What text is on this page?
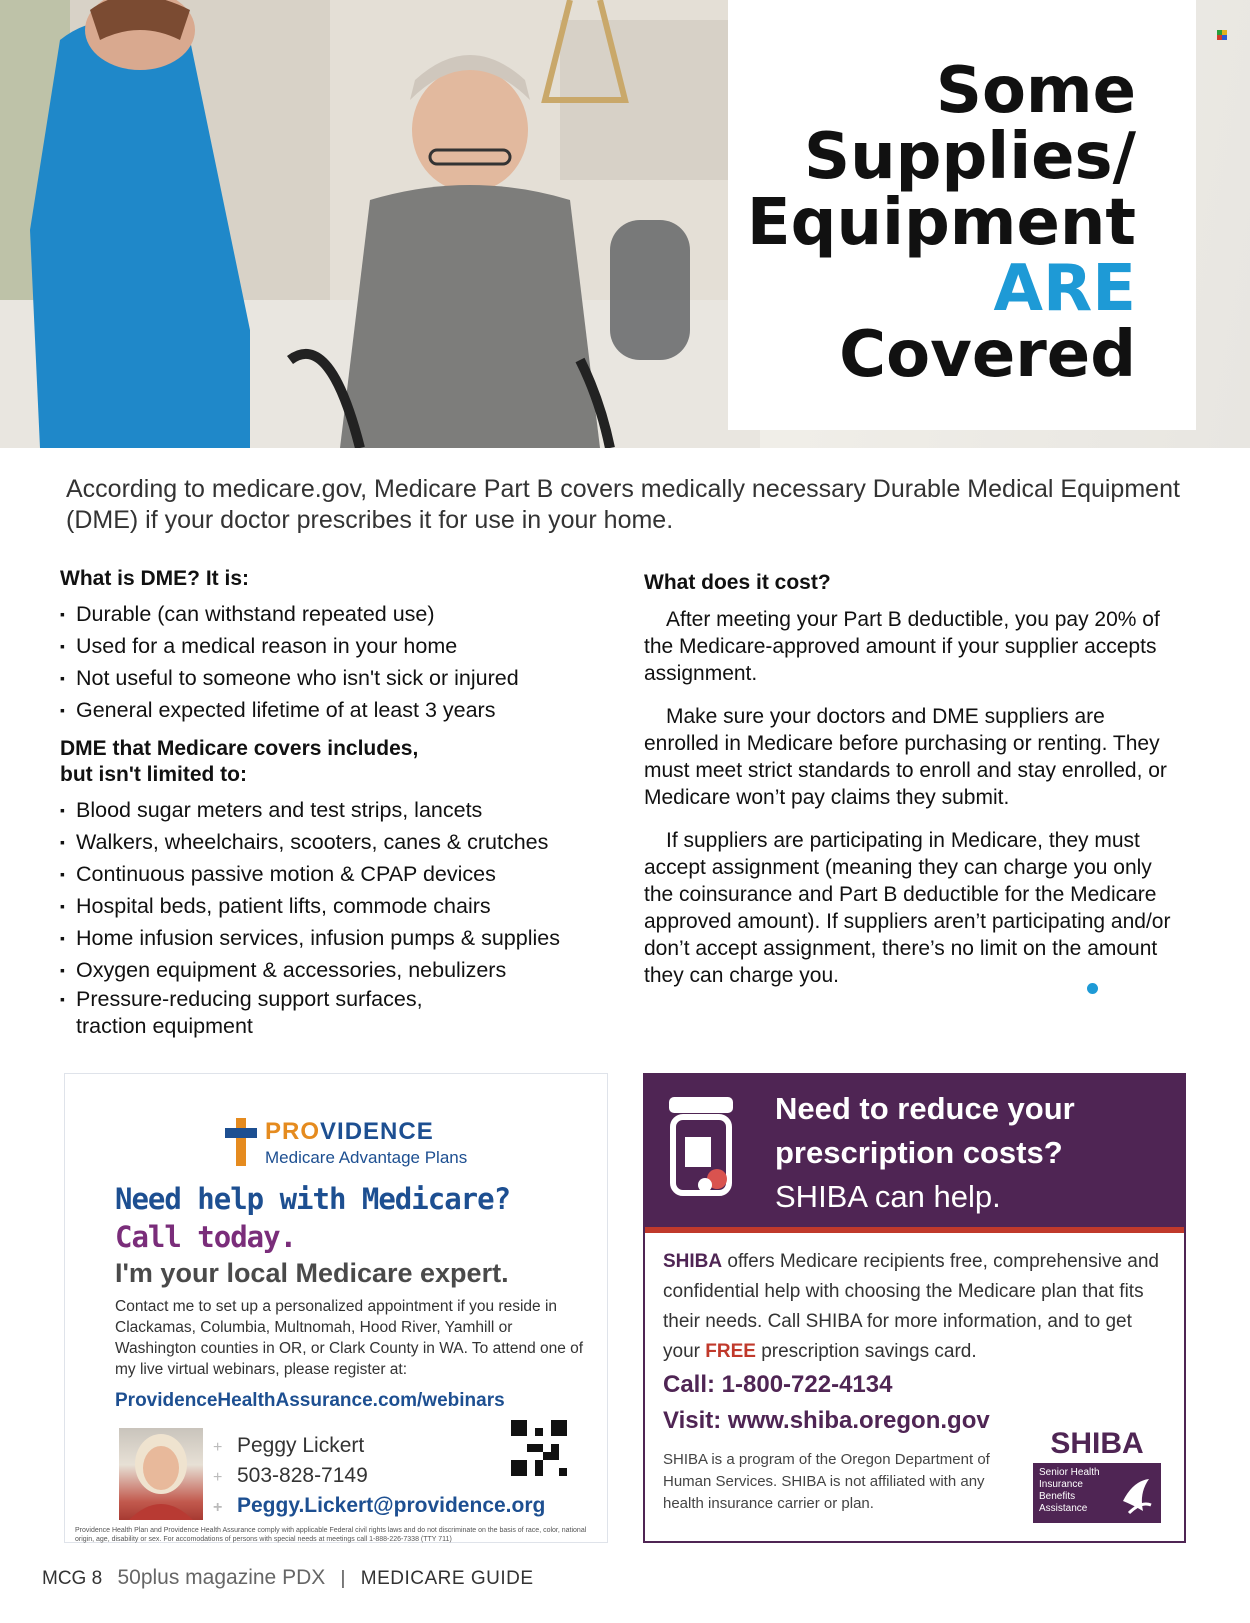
Some
Supplies/
Equipment
ARE
Covered

According to medicare.gov, Medicare Part B covers medically necessary Durable Medical Equipment (DME) if your doctor prescribes it for use in your home.

What is DME? It is:
▪ Durable (can withstand repeated use)
▪ Used for a medical reason in your home
▪ Not useful to someone who isn't sick or injured
▪ General expected lifetime of at least 3 years
DME that Medicare covers includes,
but isn't limited to:
▪ Blood sugar meters and test strips, lancets
▪ Walkers, wheelchairs, scooters, canes & crutches
▪ Continuous passive motion & CPAP devices
▪ Hospital beds, patient lifts, commode chairs
▪ Home infusion services, infusion pumps & supplies
▪ Oxygen equipment & accessories, nebulizers
▪ Pressure-reducing support surfaces, traction equipment
What does it cost?

After meeting your Part B deductible, you pay 20% of the Medicare-approved amount if your supplier accepts assignment.

Make sure your doctors and DME suppliers are enrolled in Medicare before purchasing or renting. They must meet strict standards to enroll and stay enrolled, or Medicare won’t pay claims they submit.

If suppliers are participating in Medicare, they must accept assignment (meaning they can charge you only the coinsurance and Part B deductible for the Medicare approved amount). If suppliers aren’t participating and/or don’t accept assignment, there’s no limit on the amount they can charge you.

PROVIDENCE
Medicare Advantage Plans
Need help with Medicare?
Call today.
I'm your local Medicare expert.

Contact me to set up a personalized appointment if you reside in Clackamas, Columbia, Multnomah, Hood River, Yamhill or Washington counties in OR, or Clark County in WA. To attend one of my live virtual webinars, please register at:

ProvidenceHealthAssurance.com/webinars
+ Peggy Lickert
+ 503-828-7149
+ Peggy.Lickert@providence.org

Providence Health Plan and Providence Health Assurance comply with applicable Federal civil rights laws and do not discriminate on the basis of race, color, national origin, age, disability or sex. For accomodations of persons with special needs at meetings call 1-888-226-7338 (TTY 711)

Need to reduce your
prescription costs?
SHIBA can help.

SHIBA offers Medicare recipients free, comprehensive and confidential help with choosing the Medicare plan that fits their needs. Call SHIBA for more information, and to get your FREE prescription savings card.

Call: 1-800-722-4134
Visit: www.shiba.oregon.gov

SHIBA is a program of the Oregon Department of Human Services. SHIBA is not affiliated with any health insurance carrier or plan.

SHIBA
Senior Health
Insurance
Benefits
Assistance
MCG 8 50plus magazine PDX | MEDICARE GUIDE
